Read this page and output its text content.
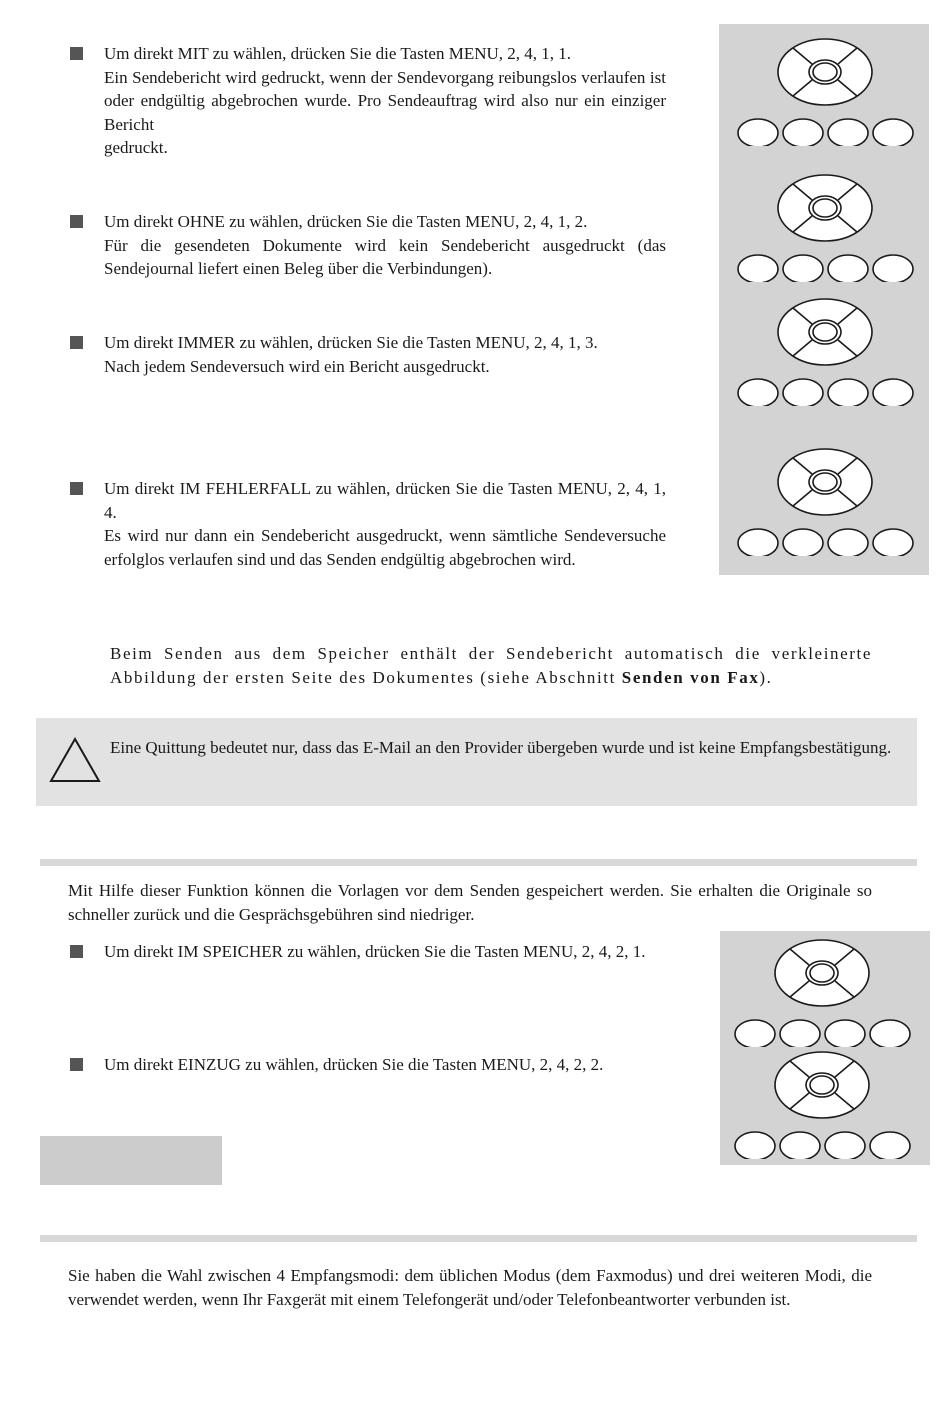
Um direkt MIT zu wählen, drücken Sie die Tasten MENU, 2, 4, 1, 1.

Ein Sendebericht wird gedruckt, wenn der Sendevorgang reibungslos verlaufen ist oder endgültig abgebrochen wurde. Pro Sendeauftrag wird also nur ein einziger Bericht

gedruckt.

Um direkt OHNE zu wählen, drücken Sie die Tasten MENU, 2, 4, 1, 2.

Für die gesendeten Dokumente wird kein Sendebericht ausgedruckt (das Sendejournal liefert einen Beleg über die Verbindungen).

Um direkt IMMER zu wählen, drücken Sie die Tasten MENU, 2, 4, 1, 3.

Nach jedem Sendeversuch wird ein Bericht ausgedruckt.

Um direkt IM FEHLERFALL zu wählen, drücken Sie die Tasten MENU, 2, 4, 1, 4.

Es wird nur dann ein Sendebericht ausgedruckt, wenn sämtliche Sendeversuche erfolglos verlaufen sind und das Senden endgültig abgebrochen wird.

Beim Senden aus dem Speicher enthält der Sendebericht automatisch die verkleinerte Abbildung der ersten Seite des Dokumentes (siehe Abschnitt Senden von Fax).
Eine Quittung bedeutet nur, dass das E-Mail an den Provider übergeben wurde und ist keine Empfangsbestätigung.
Mit Hilfe dieser Funktion können die Vorlagen vor dem Senden gespeichert werden. Sie erhalten die Originale so schneller zurück und die Gesprächsgebühren sind niedriger.

Um direkt IM SPEICHER zu wählen, drücken Sie die Tasten MENU, 2, 4, 2, 1.

Um direkt EINZUG zu wählen, drücken Sie die Tasten MENU, 2, 4, 2, 2.

Sie haben die Wahl zwischen 4 Empfangsmodi: dem üblichen Modus (dem Faxmodus) und drei weiteren Modi, die verwendet werden, wenn Ihr Faxgerät mit einem Telefongerät und/oder Telefonbeantworter verbunden ist.
